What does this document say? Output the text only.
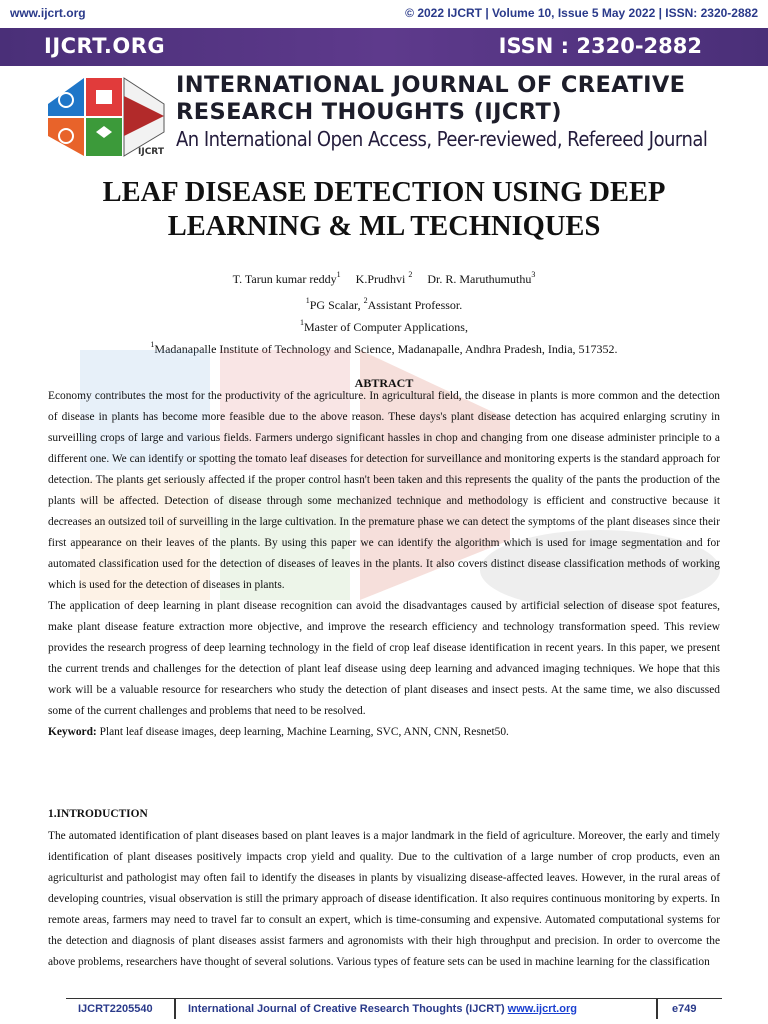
www.ijcrt.org	© 2022 IJCRT | Volume 10, Issue 5 May 2022 | ISSN: 2320-2882
IJCRT.ORG	ISSN : 2320-2882
IJCRT
INTERNATIONAL JOURNAL OF CREATIVE
RESEARCH THOUGHTS (IJCRT)
An International Open Access, Peer-reviewed, Refereed Journal
LEAF DISEASE DETECTION USING DEEP
LEARNING & ML TECHNIQUES
T. Tarun kumar reddy$^1$ K.Prudhvi $^2$ Dr. R. Maruthumuthu$^3$
$^1$PG Scalar, $^2$Assistant Professor.
$^1$Master of Computer Applications,
$^1$Madanapalle Institute of Technology and Science, Madanapalle, Andhra Pradesh, India, 517352.
ABTRACT

Economy contributes the most for the productivity of the agriculture. In agricultural field, the disease in plants is more common and the detection of disease in plants has become more feasible due to the above reason. These days's plant disease detection has acquired enlarging scrutiny in surveilling crops of large and various fields. Farmers undergo significant hassles in chop and changing from one disease administer principle to a different one. We can identify or spotting the tomato leaf diseases for detection for surveillance and monitoring experts is the standard approach for detection. The plants get seriously affected if the proper control hasn't been taken and this represents the quality of the pants the production of the plants will be affected. Detection of disease through some mechanized technique and methodology is efficient and constructive because it decreases an outsized toil of surveilling in the large cultivation. In the premature phase we can detect the symptoms of the plant diseases since their first appearance on their leaves of the plants. By using this paper we can identify the algorithm which is used for image segmentation and for automated classification used for the detection of diseases of leaves in the plants. It also covers distinct disease classification methods of working which is used for the detection of diseases in plants.

The application of deep learning in plant disease recognition can avoid the disadvantages caused by artificial selection of disease spot features, make plant disease feature extraction more objective, and improve the research efficiency and technology transformation speed. This review provides the research progress of deep learning technology in the field of crop leaf disease identification in recent years. In this paper, we present the current trends and challenges for the detection of plant leaf disease using deep learning and advanced imaging techniques. We hope that this work will be a valuable resource for researchers who study the detection of plant diseases and insect pests. At the same time, we also discussed some of the current challenges and problems that need to be resolved.

Keyword: Plant leaf disease images, deep learning, Machine Learning, SVC, ANN, CNN, Resnet50.

1.INTRODUCTION

The automated identification of plant diseases based on plant leaves is a major landmark in the field of agriculture. Moreover, the early and timely identification of plant diseases positively impacts crop yield and quality. Due to the cultivation of a large number of crop products, even an agriculturist and pathologist may often fail to identify the diseases in plants by visualizing disease-affected leaves. However, in the rural areas of developing countries, visual observation is still the primary approach of disease identification. It also requires continuous monitoring by experts. In remote areas, farmers may need to travel far to consult an expert, which is time-consuming and expensive. Automated computational systems for the detection and diagnosis of plant diseases assist farmers and agronomists with their high throughput and precision. In order to overcome the above problems, researchers have thought of several solutions. Various types of feature sets can be used in machine learning for the classification

IJCRT2205540	International Journal of Creative Research Thoughts (IJCRT) www.ijcrt.org	e749
